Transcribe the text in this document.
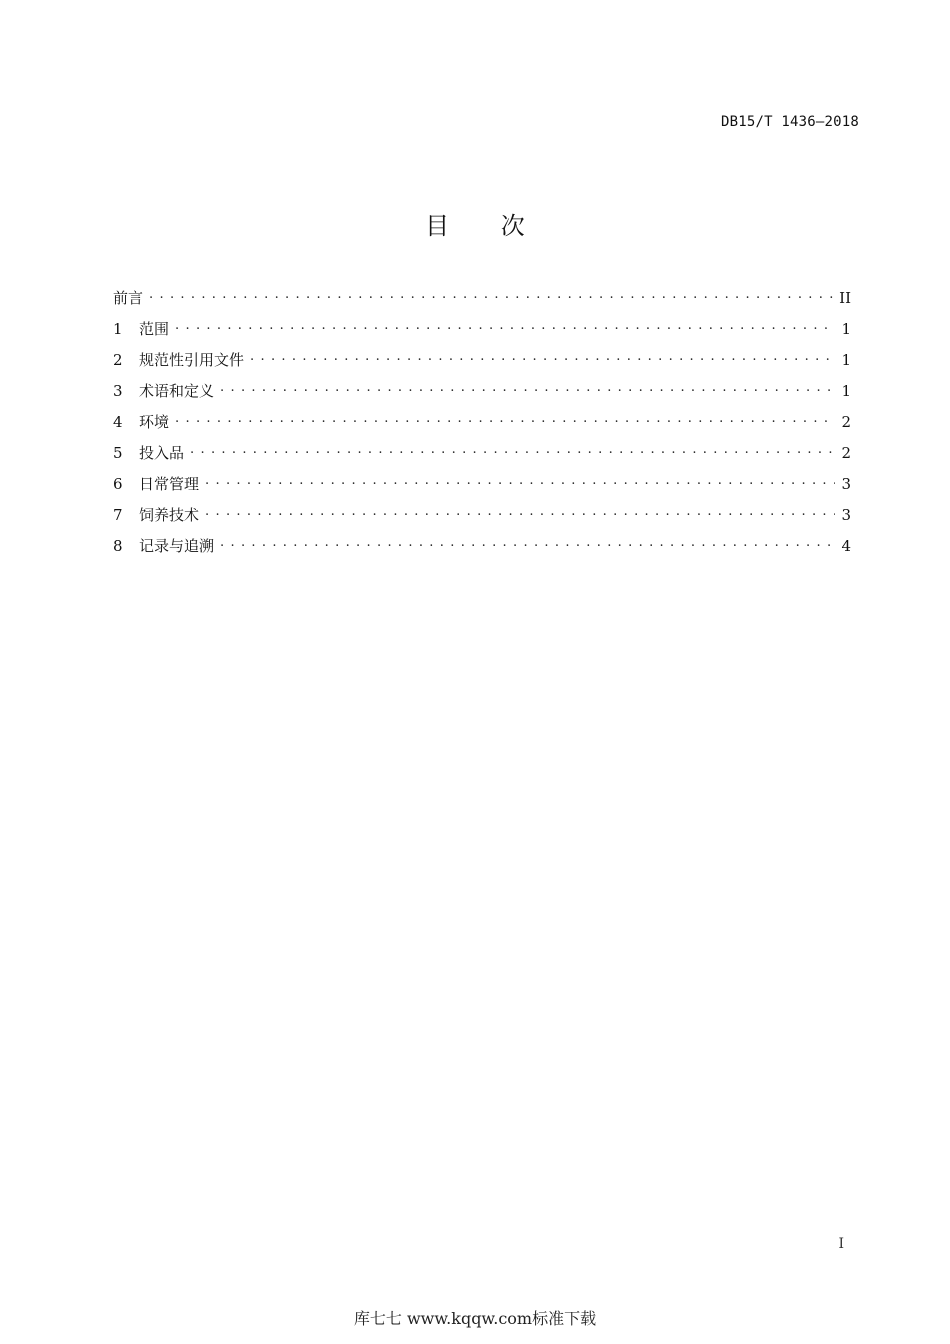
DB15/T 1436—2018
目 次
前言 . . .	II
1	范围 . . .	1
2	规范性引用文件 . . .	1
3	术语和定义 . . .	1
4	环境 . . .	2
5	投入品 . . .	2
6	日常管理 . . .	3
7	饲养技术 . . .	3
8	记录与追溯 . . .	4
I
库七七 www.kqqw.com标准下载
